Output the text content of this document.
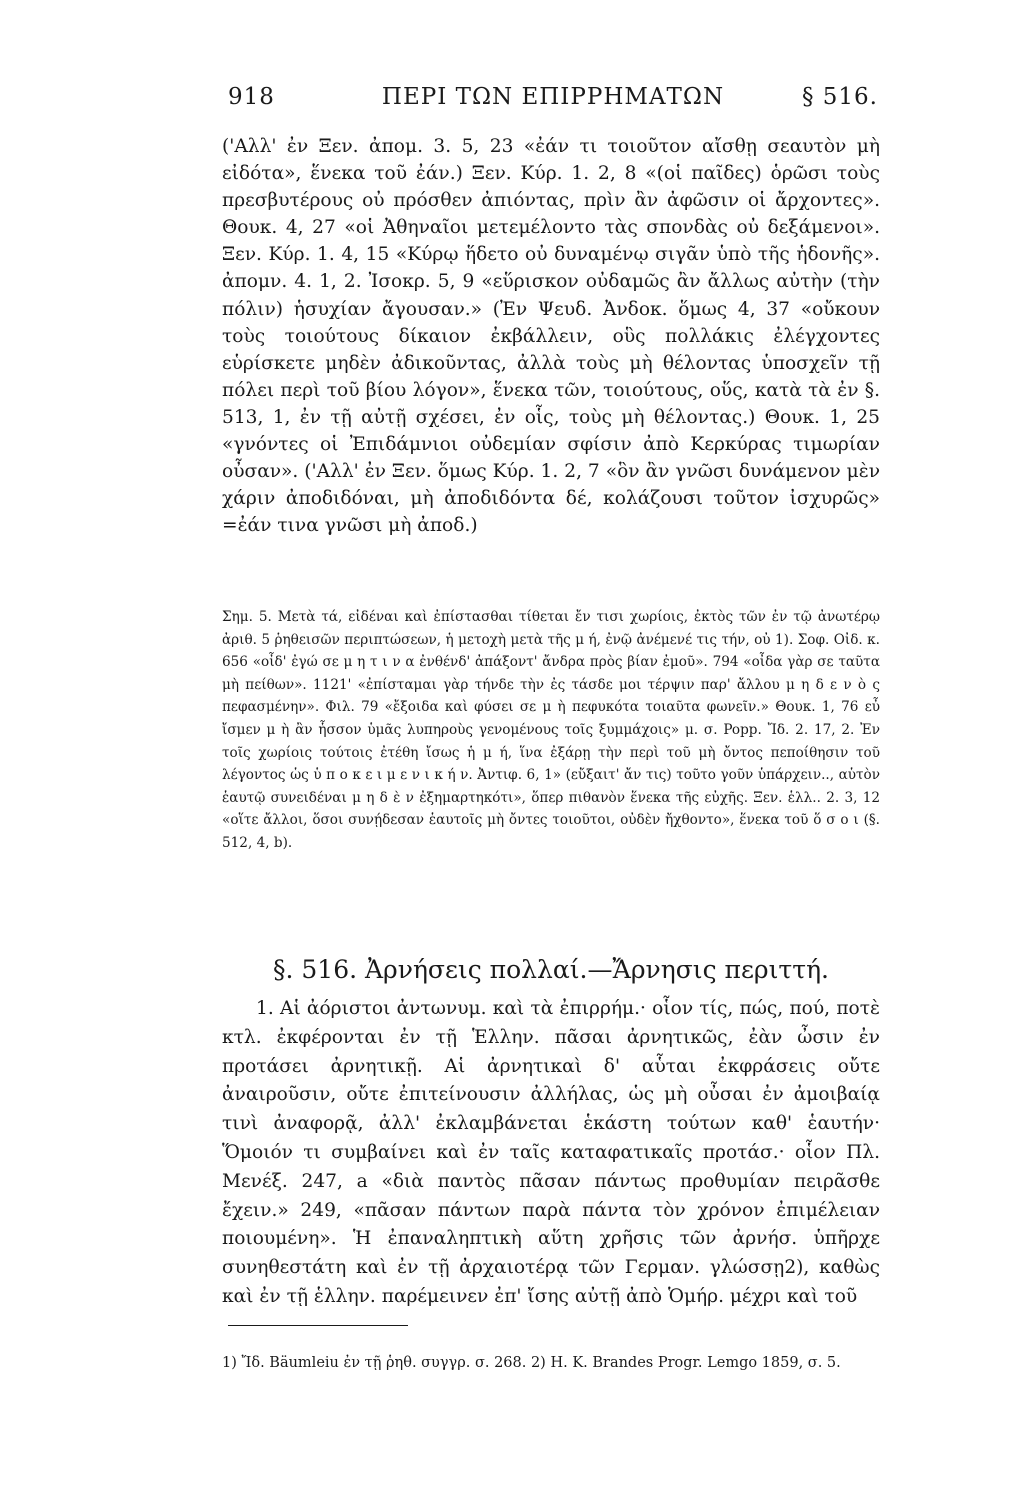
918	ΠΕΡΙ ΤΩΝ ΕΠΙΡΡΗΜΑΤΩΝ	§ 516.
('Αλλ' ἐν Ξεν. ἀπομ. 3. 5, 23 «ἐάν τι τοιοῦτον αἴσθῃ σεαυτὸν μὴ εἰδότα», ἕνεκα τοῦ ἐάν.) Ξεν. Κύρ. 1. 2, 8 «(οἱ παῖδες) ὁρῶσι τοὺς πρεσβυτέρους οὐ πρόσθεν ἀπιόντας, πρὶν ἂν ἀφῶσιν οἱ ἄρχοντες». Θουκ. 4, 27 «οἱ Ἀθηναῖοι μετεμέλοντο τὰς σπονδὰς οὐ δεξάμενοι». Ξεν. Κύρ. 1. 4, 15 «Κύρῳ ἥδετο οὐ δυναμένῳ σιγᾶν ὑπὸ τῆς ἡδονῆς». ἀπομν. 4. 1, 2. Ἰσοκρ. 5, 9 «εὕρισκον οὐδαμῶς ἂν ἄλλως αὐτὴν (τὴν πόλιν) ἡσυχίαν ἄγουσαν.» (Ἐν Ψευδ. Ἀνδοκ. ὅμως 4, 37 «οὔκουν τοὺς τοιούτους δίκαιον ἐκβάλλειν, οὓς πολλάκις ἐλέγχοντες εὑρίσκετε μηδὲν ἀδικοῦντας, ἀλλὰ τοὺς μὴ θέλοντας ὑποσχεῖν τῇ πόλει περὶ τοῦ βίου λόγον», ἕνεκα τῶν, τοιούτους, οὕς, κατὰ τὰ ἐν §. 513, 1, ἐν τῇ αὐτῇ σχέσει, ἐν οἷς, τοὺς μὴ θέλοντας.) Θουκ. 1, 25 «γνόντες οἱ Ἐπιδάμνιοι οὐδεμίαν σφίσιν ἀπὸ Κερκύρας τιμωρίαν οὖσαν». ('Αλλ' ἐν Ξεν. ὅμως Κύρ. 1. 2, 7 «ὃν ἂν γνῶσι δυνάμενον μὲν χάριν ἀποδιδόναι, μὴ ἀποδιδόντα δέ, κολάζουσι τοῦτον ἰσχυρῶς» =ἐάν τινα γνῶσι μὴ ἀποδ.)
Σημ. 5. Μετὰ τά, εἰδέναι καὶ ἐπίστασθαι τίθεται ἔν τισι χωρίοις, ἐκτὸς τῶν ἐν τῷ ἀνωτέρῳ ἀριθ. 5 ῥηθεισῶν περιπτώσεων, ἡ μετοχὴ μετὰ τῆς μ ή, ἐνῷ ἀνέμενέ τις τήν, οὐ 1). Σοφ. Οἰδ. κ. 656 «οἶδ' ἐγώ σε μ η τ ι ν α ἐνθένδ' ἀπάξοντ' ἄνδρα πρὸς βίαν ἐμοῦ». 794 «οἶδα γὰρ σε ταῦτα μὴ πείθων». 1121' «ἐπίσταμαι γὰρ τήνδε τὴν ἐς τάσδε μοι τέρψιν παρ' ἄλλου μ η δ ε ν ὸ ς πεφασμένην». Φιλ. 79 «ἔξοιδα καὶ φύσει σε μ ὴ πεφυκότα τοιαῦτα φωνεῖν.» Θουκ. 1, 76 εὖ ἴσμεν μ ὴ ἂν ἧσσον ὑμᾶς λυπηροὺς γενομένους τοῖς ξυμμάχοις» μ. σ. Popp. Ἴδ. 2. 17, 2. Ἐν τοῖς χωρίοις τούτοις ἐτέθη ἴσως ἡ μ ή, ἵνα ἐξάρῃ τὴν περὶ τοῦ μὴ ὄντος πεποίθησιν τοῦ λέγοντος ὡς ὑ π ο κ ε ι μ ε ν ι κ ή ν. Ἀντιφ. 6, 1» (εὔξαιτ' ἄν τις) τοῦτο γοῦν ὑπάρχειν.., αὑτὸν ἑαυτῷ συνειδέναι μ η δ ὲ ν ἐξημαρτηκότι», ὅπερ πιθανὸν ἕνεκα τῆς εὐχῆς. Ξεν. ἑλλ.. 2. 3, 12 «οἵτε ἄλλοι, ὅσοι συνῄδεσαν ἑαυτοῖς μὴ ὄντες τοιοῦτοι, οὐδὲν ἤχθοντο», ἕνεκα τοῦ ὅ σ ο ι (§. 512, 4, b).
§. 516. Ἀρνήσεις πολλαί.—Ἄρνησις περιττή.
1. Αἱ ἀόριστοι ἀντωνυμ. καὶ τὰ ἐπιρρήμ.· οἷον τίς, πώς, πού, ποτὲ κτλ. ἐκφέρονται ἐν τῇ Ἑλλην. πᾶσαι ἀρνητικῶς, ἐὰν ὦσιν ἐν προτάσει ἀρνητικῇ. Αἱ ἀρνητικαὶ δ' αὗται ἐκφράσεις οὔτε ἀναιροῦσιν, οὔτε ἐπιτείνουσιν ἀλλήλας, ὡς μὴ οὖσαι ἐν ἀμοιβαίᾳ τινὶ ἀναφορᾷ, ἀλλ' ἐκλαμβάνεται ἑκάστη τούτων καθ' ἑαυτήν· Ὅμοιόν τι συμβαίνει καὶ ἐν ταῖς καταφατικαῖς προτάσ.· οἷον Πλ. Μενέξ. 247, a «διὰ παντὸς πᾶσαν πάντως προθυμίαν πειρᾶσθε ἔχειν.» 249, «πᾶσαν πάντων παρὰ πάντα τὸν χρόνον ἐπιμέλειαν ποιουμένη». Ἡ ἐπαναληπτικὴ αὕτη χρῆσις τῶν ἀρνήσ. ὑπῆρχε συνηθεστάτη καὶ ἐν τῇ ἀρχαιοτέρᾳ τῶν Γερμαν. γλώσσῃ2), καθὼς καὶ ἐν τῇ ἑλλην. παρέμεινεν ἐπ' ἴσης αὐτῇ ἀπὸ Ὁμήρ. μέχρι καὶ τοῦ
1) Ἴδ. Bäumleiu ἐν τῇ ῥηθ. συγγρ. σ. 268. 2) H. K. Brandes Progr. Lemgo 1859, σ. 5.
